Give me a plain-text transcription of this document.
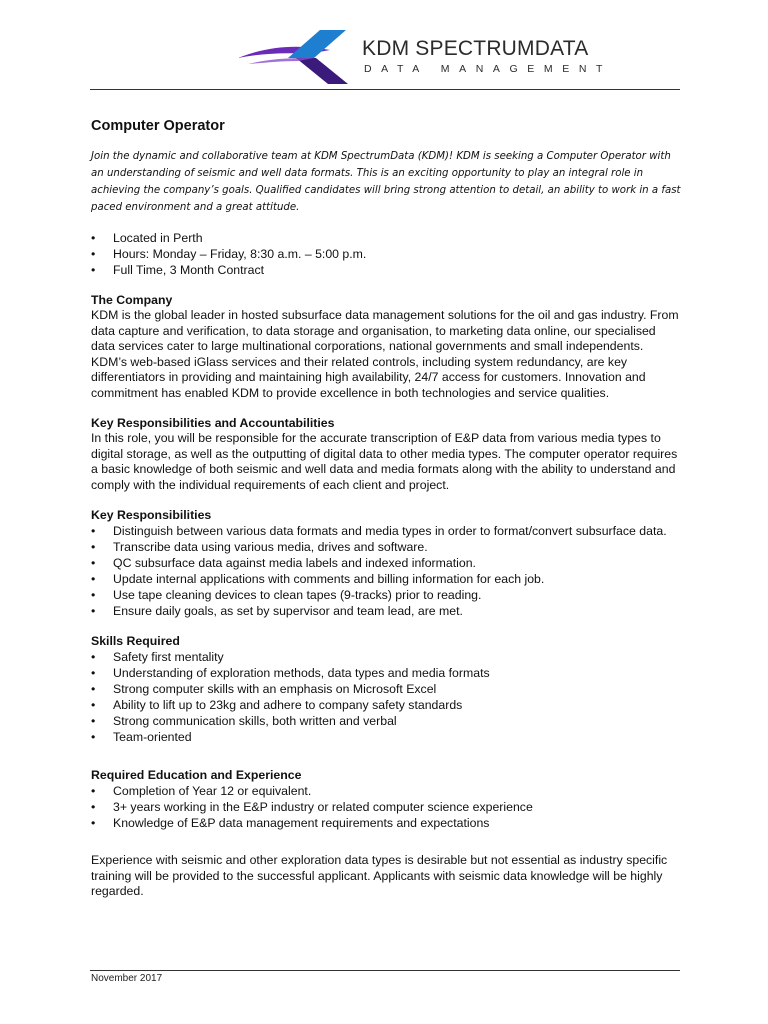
KDM SPECTRUMDATA
DATA MANAGEMENT
Computer Operator

Join the dynamic and collaborative team at KDM SpectrumData (KDM)! KDM is seeking a Computer Operator with an understanding of seismic and well data formats. This is an exciting opportunity to play an integral role in achieving the company’s goals. Qualified candidates will bring strong attention to detail, an ability to work in a fast paced environment and a great attitude.

• Located in Perth
• Hours: Monday – Friday, 8:30 a.m. – 5:00 p.m.
• Full Time, 3 Month Contract
The Company

KDM is the global leader in hosted subsurface data management solutions for the oil and gas industry. From data capture and verification, to data storage and organisation, to marketing data online, our specialised data services cater to large multinational corporations, national governments and small independents. KDM’s web-based iGlass services and their related controls, including system redundancy, are key differentiators in providing and maintaining high availability, 24/7 access for customers. Innovation and commitment has enabled KDM to provide excellence in both technologies and service qualities.

Key Responsibilities and Accountabilities

In this role, you will be responsible for the accurate transcription of E&P data from various media types to digital storage, as well as the outputting of digital data to other media types. The computer operator requires a basic knowledge of both seismic and well data and media formats along with the ability to understand and comply with the individual requirements of each client and project.

Key Responsibilities
• Distinguish between various data formats and media types in order to format/convert subsurface data.
• Transcribe data using various media, drives and software.
• QC subsurface data against media labels and indexed information.
• Update internal applications with comments and billing information for each job.
• Use tape cleaning devices to clean tapes (9-tracks) prior to reading.
• Ensure daily goals, as set by supervisor and team lead, are met.
Skills Required
• Safety first mentality
• Understanding of exploration methods, data types and media formats
• Strong computer skills with an emphasis on Microsoft Excel
• Ability to lift up to 23kg and adhere to company safety standards
• Strong communication skills, both written and verbal
• Team-oriented
Required Education and Experience
• Completion of Year 12 or equivalent.
• 3+ years working in the E&P industry or related computer science experience
• Knowledge of E&P data management requirements and expectations

Experience with seismic and other exploration data types is desirable but not essential as industry specific training will be provided to the successful applicant. Applicants with seismic data knowledge will be highly regarded.

November 2017
